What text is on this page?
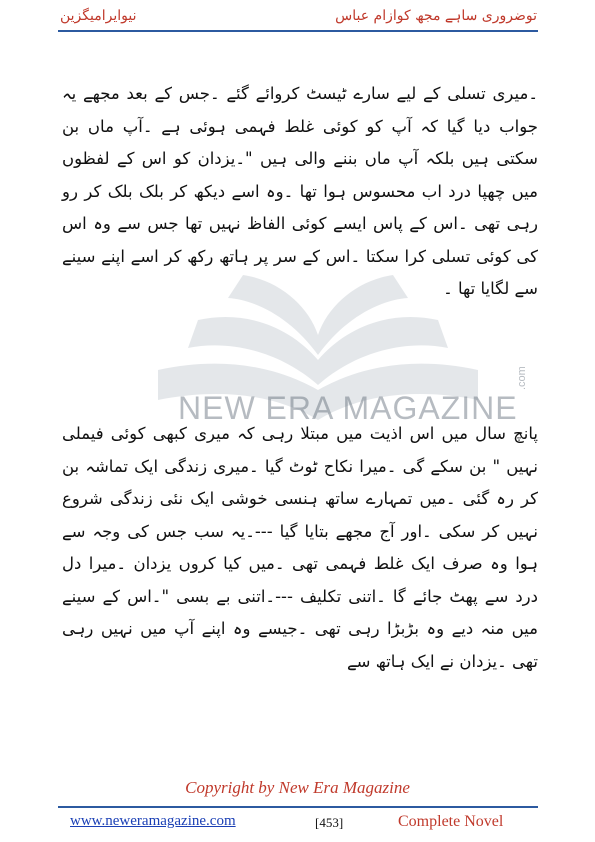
نیوایرامیگزین	توضروری ساہے مجھ کوازام عباس
NEW ERA MAGAZINE
.com
۔میری تسلی کے لیے سارے ٹیسٹ کروائے گئے ۔جس کے بعد مجھے یہ جواب دیا گیا کہ آپ کو کوئی غلط فہمی ہوئی ہے ۔آپ ماں بن سکتی ہیں بلکہ آپ ماں بننے والی ہیں "۔یزدان کو اس کے لفظوں میں چھپا درد اب محسوس ہوا تھا ۔وہ اسے دیکھ کر بلک بلک کر رو رہی تھی ۔اس کے پاس ایسے کوئی الفاظ نہیں تھا جس سے وہ اس کی کوئی تسلی کرا سکتا ۔اس کے سر پر ہاتھ رکھ کر اسے اپنے سینے سے لگایا تھا ۔
پانچ سال میں اس اذیت میں مبتلا رہی کہ میری کبھی کوئی فیملی نہیں " بن سکے گی ۔میرا نکاح ٹوٹ گیا ۔میری زندگی ایک تماشہ بن کر رہ گئی ۔میں تمہارے ساتھ ہنسی خوشی ایک نئی زندگی شروع نہیں کر سکی ۔اور آج مجھے بتایا گیا ---۔یہ سب جس کی وجہ سے ہوا وہ صرف ایک غلط فہمی تھی ۔میں کیا کروں یزدان ۔میرا دل درد سے پھٹ جائے گا ۔اتنی تکلیف ---۔اتنی بے بسی "۔اس کے سینے میں منہ دیے وہ بڑبڑا رہی تھی ۔جیسے وہ اپنے آپ میں نہیں رہی تھی ۔یزدان نے ایک ہاتھ سے
Copyright by New Era Magazine
www.neweramagazine.com	[453]	Complete Novel
